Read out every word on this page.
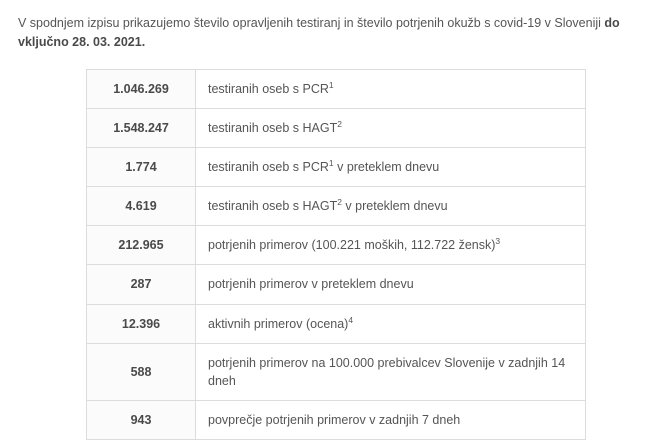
V spodnjem izpisu prikazujemo število opravljenih testiranj in število potrjenih okužb s covid-19 v Sloveniji do vključno 28. 03. 2021.

1.046.269	testiranih oseb s PCR$^1$
1.548.247	testiranih oseb s HAGT$^2$
1.774	testiranih oseb s PCR$^1$ v preteklem dnevu
4.619	testiranih oseb s HAGT$^2$ v preteklem dnevu
212.965	potrjenih primerov (100.221 moških, 112.722 žensk)$^3$
287	potrjenih primerov v preteklem dnevu
12.396	aktivnih primerov (ocena)$^4$
588	potrjenih primerov na 100.000 prebivalcev Slovenije v zadnjih 14 dneh
943	povprečje potrjenih primerov v zadnjih 7 dneh
